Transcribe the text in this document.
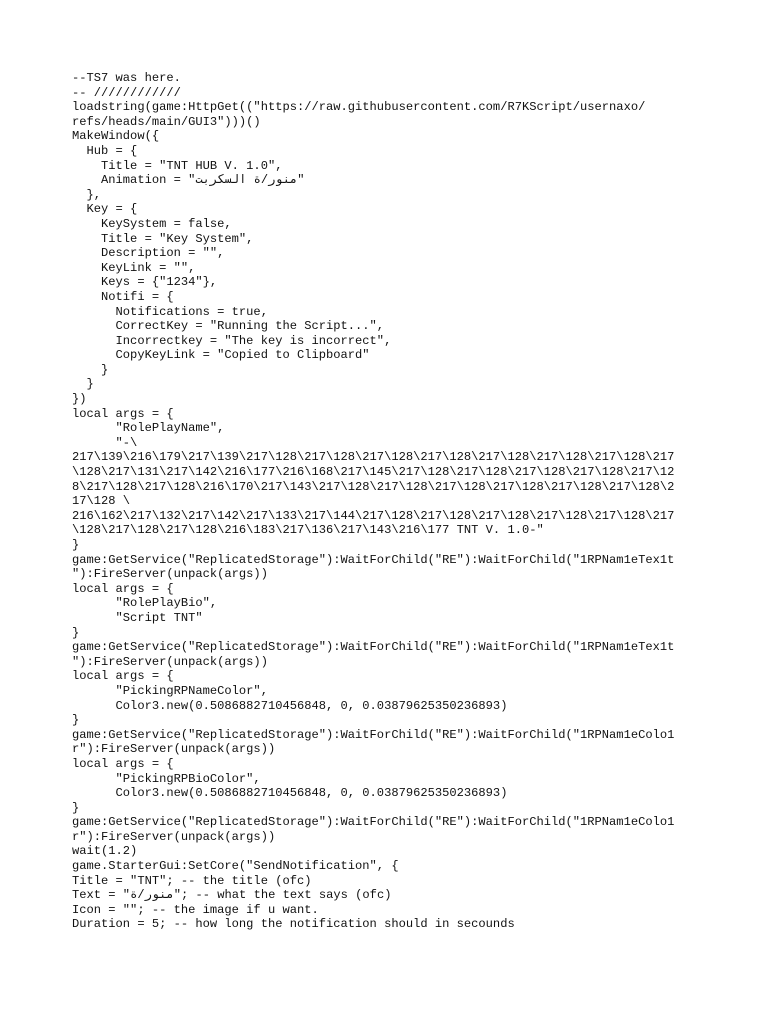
--TS7 was here.
-- ////////////
loadstring(game:HttpGet(("https://raw.githubusercontent.com/R7KScript/usernaxo/
refs/heads/main/GUI3")))()
MakeWindow({
Hub = {
Title = "TNT HUB V. 1.0",
Animation = "منور/ة السكربت"
},
Key = {
KeySystem = false,
Title = "Key System",
Description = "",
KeyLink = "",
Keys = {"1234"},
Notifi = {
Notifications = true,
CorrectKey = "Running the Script...",
Incorrectkey = "The key is incorrect",
CopyKeyLink = "Copied to Clipboard"
}
}
})
local args = {
"RolePlayName",
"-\
217\139\216\179\217\139\217\128\217\128\217\128\217\128\217\128\217\128\217\128\217
\128\217\131\217\142\216\177\216\168\217\145\217\128\217\128\217\128\217\128\217\12
8\217\128\217\128\216\170\217\143\217\128\217\128\217\128\217\128\217\128\217\128\2
17\128 \
216\162\217\132\217\142\217\133\217\144\217\128\217\128\217\128\217\128\217\128\217
\128\217\128\217\128\216\183\217\136\217\143\216\177 TNT V. 1.0-"
}
game:GetService("ReplicatedStorage"):WaitForChild("RE"):WaitForChild("1RPNam1eTex1t
"):FireServer(unpack(args))
local args = {
"RolePlayBio",
"Script TNT"
}
game:GetService("ReplicatedStorage"):WaitForChild("RE"):WaitForChild("1RPNam1eTex1t
"):FireServer(unpack(args))
local args = {
"PickingRPNameColor",
Color3.new(0.5086882710456848, 0, 0.03879625350236893)
}
game:GetService("ReplicatedStorage"):WaitForChild("RE"):WaitForChild("1RPNam1eColo1
r"):FireServer(unpack(args))
local args = {
"PickingRPBioColor",
Color3.new(0.5086882710456848, 0, 0.03879625350236893)
}
game:GetService("ReplicatedStorage"):WaitForChild("RE"):WaitForChild("1RPNam1eColo1
r"):FireServer(unpack(args))
wait(1.2)
game.StarterGui:SetCore("SendNotification", {
Title = "TNT"; -- the title (ofc)
Text = "منور/ة"; -- what the text says (ofc)
Icon = ""; -- the image if u want.
Duration = 5; -- how long the notification should in secounds
